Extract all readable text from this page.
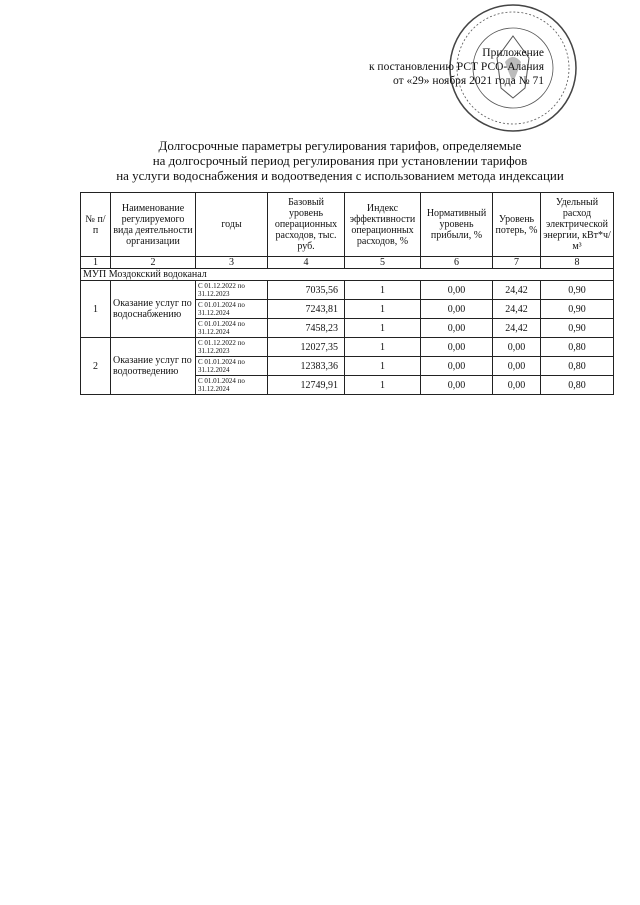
Приложение
к постановлению РСТ РСО-Алания
от «29» ноября 2021 года № 71
Долгосрочные параметры регулирования тарифов, определяемые
на долгосрочный период регулирования при установлении тарифов
на услуги водоснабжения и водоотведения с использованием метода индексации
№ п/п	Наименование регулируемого вида деятельности организации	годы	Базовый уровень операционных расходов, тыс. руб.	Индекс эффективности операционных расходов, %	Нормативный уровень прибыли, %	Уровень потерь, %	Удельный расход электрической энергии, кВт*ч/м³
1	2	3	4	5	6	7	8
МУП Моздокский водоканал							
1	Оказание услуг по водоснабжению	С 01.12.2022 по 31.12.2023	7035,56	1	0,00	24,42	0,90
		С 01.01.2024 по 31.12.2024	7243,81	1	0,00	24,42	0,90
		С 01.01.2024 по 31.12.2024	7458,23	1	0,00	24,42	0,90
2	Оказание услуг по водоотведению	С 01.12.2022 по 31.12.2023	12027,35	1	0,00	0,00	0,80
		С 01.01.2024 по 31.12.2024	12383,36	1	0,00	0,00	0,80
		С 01.01.2024 по 31.12.2024	12749,91	1	0,00	0,00	0,80
